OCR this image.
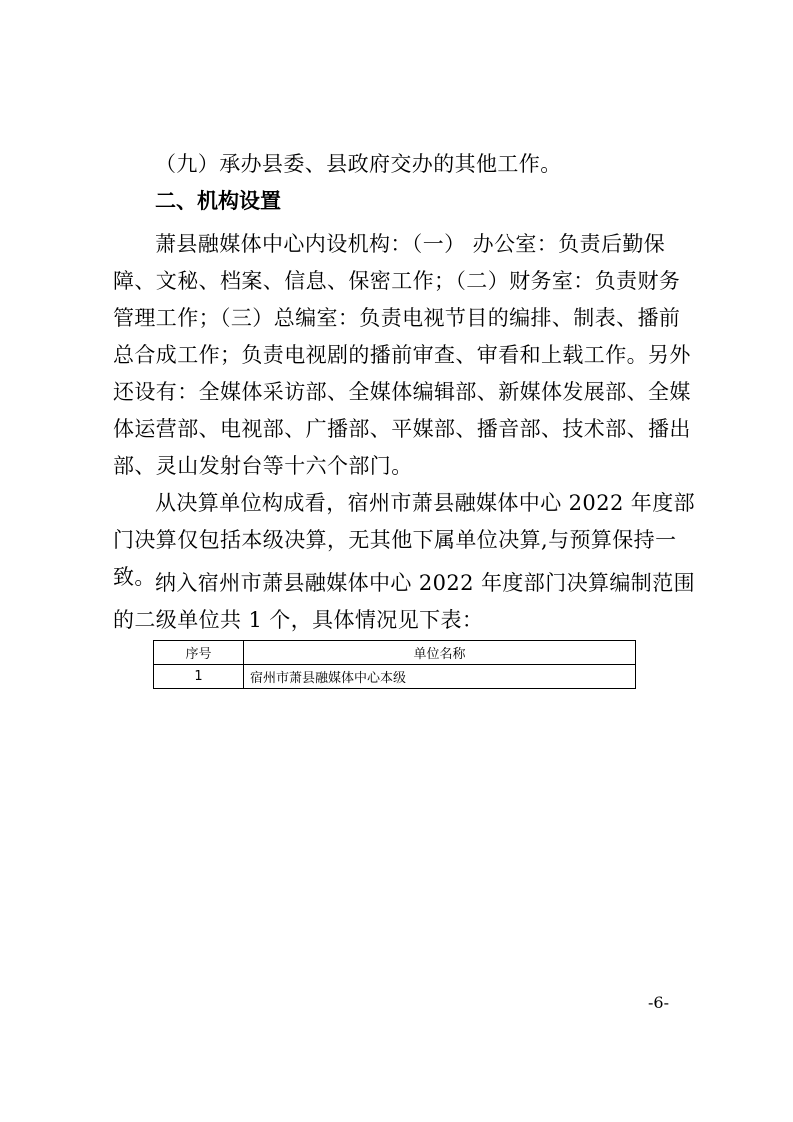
（九）承办县委、县政府交办的其他工作。

二、机构设置

萧县融媒体中心内设机构：（一） 办公室：负责后勤保障、文秘、档案、信息、保密工作；（二）财务室：负责财务管理工作；（三）总编室：负责电视节目的编排、制表、播前总合成工作；负责电视剧的播前审查、审看和上载工作。另外还设有：全媒体采访部、全媒体编辑部、新媒体发展部、全媒体运营部、电视部、广播部、平媒部、播音部、技术部、播出部、灵山发射台等十六个部门。

从决算单位构成看，宿州市萧县融媒体中心 2022 年度部门决算仅包括本级决算，无其他下属单位决算,与预算保持一致。 纳入宿州市萧县融媒体中心 2022 年度部门决算编制范围的二级单位共 1 个，具体情况见下表：

序号	单位名称
1	宿州市萧县融媒体中心本级
-6-
